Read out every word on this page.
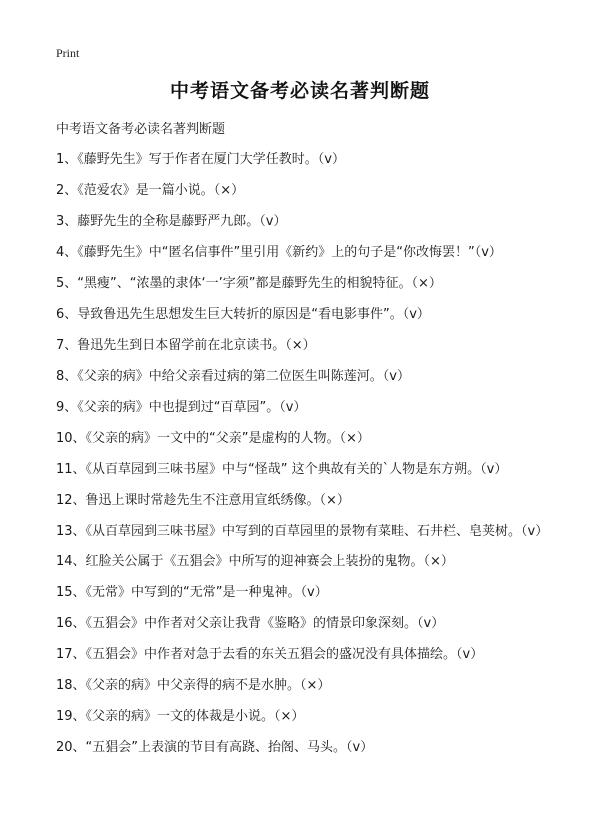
Print
中考语文备考必读名著判断题
中考语文备考必读名著判断题
1、《藤野先生》写于作者在厦门大学任教时。（v）
2、《范爱农》是一篇小说。（×）
3、藤野先生的全称是藤野严九郎。（v）
4、《藤野先生》中“匿名信事件”里引用《新约》上的句子是“你改悔罢！”（v）
5、“黑瘦”、“浓墨的隶体‘一’字须”都是藤野先生的相貌特征。（×）
6、导致鲁迅先生思想发生巨大转折的原因是“看电影事件”。（v）
7、鲁迅先生到日本留学前在北京读书。（×）
8、《父亲的病》中给父亲看过病的第二位医生叫陈莲河。（v）
9、《父亲的病》中也提到过“百草园”。（v）
10、《父亲的病》一文中的“父亲”是虚构的人物。（×）
11、《从百草园到三味书屋》中与“怪哉” 这个典故有关的`人物是东方朔。（v）
12、鲁迅上课时常趁先生不注意用宣纸绣像。（×）
13、《从百草园到三味书屋》中写到的百草园里的景物有菜畦、石井栏、皂荚树。（v）
14、红脸关公属于《五猖会》中所写的迎神赛会上装扮的鬼物。（×）
15、《无常》中写到的“无常”是一种鬼神。（v）
16、《五猖会》中作者对父亲让我背《鉴略》的情景印象深刻。（v）
17、《五猖会》中作者对急于去看的东关五猖会的盛况没有具体描绘。（v）
18、《父亲的病》中父亲得的病不是水肿。（×）
19、《父亲的病》一文的体裁是小说。（×）
20、“五猖会”上表演的节目有高跷、抬阁、马头。（v）
